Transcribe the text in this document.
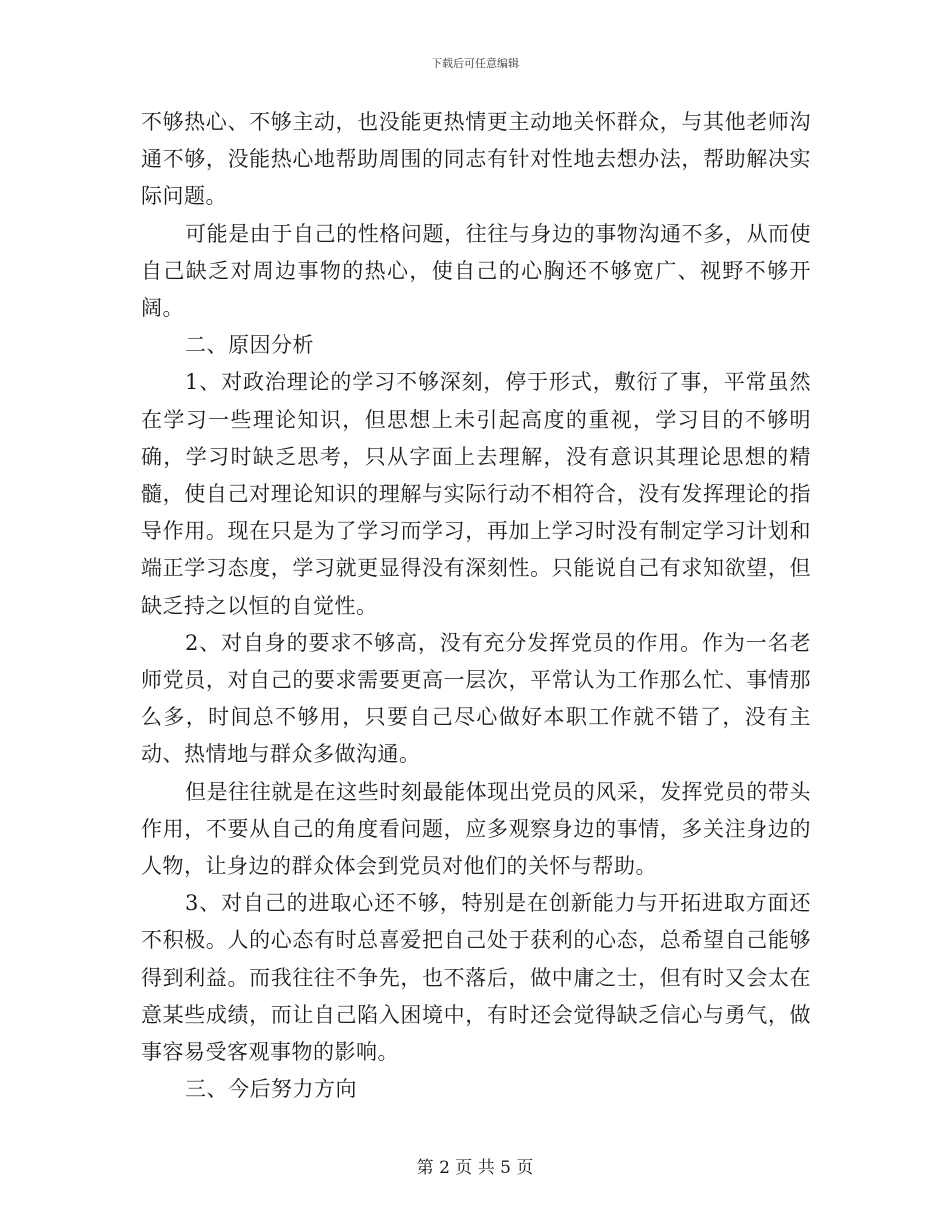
下载后可任意编辑

不够热心、不够主动，也没能更热情更主动地关怀群众，与其他老师沟通不够，没能热心地帮助周围的同志有针对性地去想办法，帮助解决实际问题。

可能是由于自己的性格问题，往往与身边的事物沟通不多，从而使自己缺乏对周边事物的热心，使自己的心胸还不够宽广、视野不够开阔。

二、原因分析

1、对政治理论的学习不够深刻，停于形式，敷衍了事，平常虽然在学习一些理论知识，但思想上未引起高度的重视，学习目的不够明确，学习时缺乏思考，只从字面上去理解，没有意识其理论思想的精髓，使自己对理论知识的理解与实际行动不相符合，没有发挥理论的指导作用。现在只是为了学习而学习，再加上学习时没有制定学习计划和端正学习态度，学习就更显得没有深刻性。只能说自己有求知欲望，但缺乏持之以恒的自觉性。

2、对自身的要求不够高，没有充分发挥党员的作用。作为一名老师党员，对自己的要求需要更高一层次，平常认为工作那么忙、事情那么多，时间总不够用，只要自己尽心做好本职工作就不错了，没有主动、热情地与群众多做沟通。

但是往往就是在这些时刻最能体现出党员的风采，发挥党员的带头作用，不要从自己的角度看问题，应多观察身边的事情，多关注身边的人物，让身边的群众体会到党员对他们的关怀与帮助。

3、对自己的进取心还不够，特别是在创新能力与开拓进取方面还不积极。人的心态有时总喜爱把自己处于获利的心态，总希望自己能够得到利益。而我往往不争先，也不落后，做中庸之士，但有时又会太在意某些成绩，而让自己陷入困境中，有时还会觉得缺乏信心与勇气，做事容易受客观事物的影响。

三、今后努力方向

第 2 页 共 5 页
